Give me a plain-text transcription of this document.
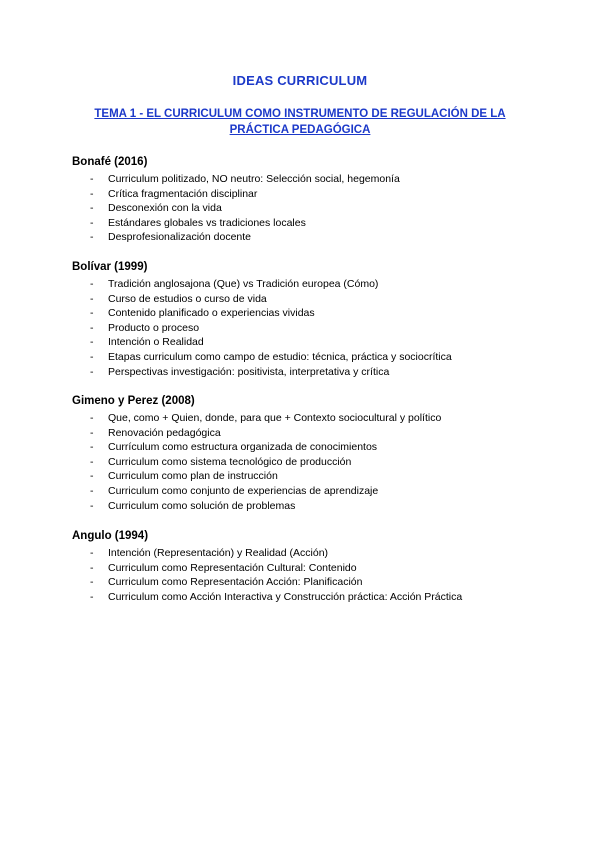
IDEAS CURRICULUM
TEMA 1 - EL CURRICULUM COMO INSTRUMENTO DE REGULACIÓN DE LA PRÁCTICA PEDAGÓGICA
Bonafé (2016)
- Curriculum politizado, NO neutro: Selección social, hegemonía
- Crítica fragmentación disciplinar
- Desconexión con la vida
- Estándares globales vs tradiciones locales
- Desprofesionalización docente
Bolívar (1999)
- Tradición anglosajona (Que) vs Tradición europea (Cómo)
- Curso de estudios o curso de vida
- Contenido planificado o experiencias vividas
- Producto o proceso
- Intención o Realidad
- Etapas curriculum como campo de estudio: técnica, práctica y sociocrítica
- Perspectivas investigación: positivista, interpretativa y crítica
Gimeno y Perez (2008)
- Que, como + Quien, donde, para que + Contexto sociocultural y político
- Renovación pedagógica
- Currículum como estructura organizada de conocimientos
- Curriculum como sistema tecnológico de producción
- Curriculum como plan de instrucción
- Curriculum como conjunto de experiencias de aprendizaje
- Curriculum como solución de problemas
Angulo (1994)
- Intención (Representación) y Realidad (Acción)
- Curriculum como Representación Cultural: Contenido
- Curriculum como Representación Acción: Planificación
- Curriculum como Acción Interactiva y Construcción práctica: Acción Práctica
